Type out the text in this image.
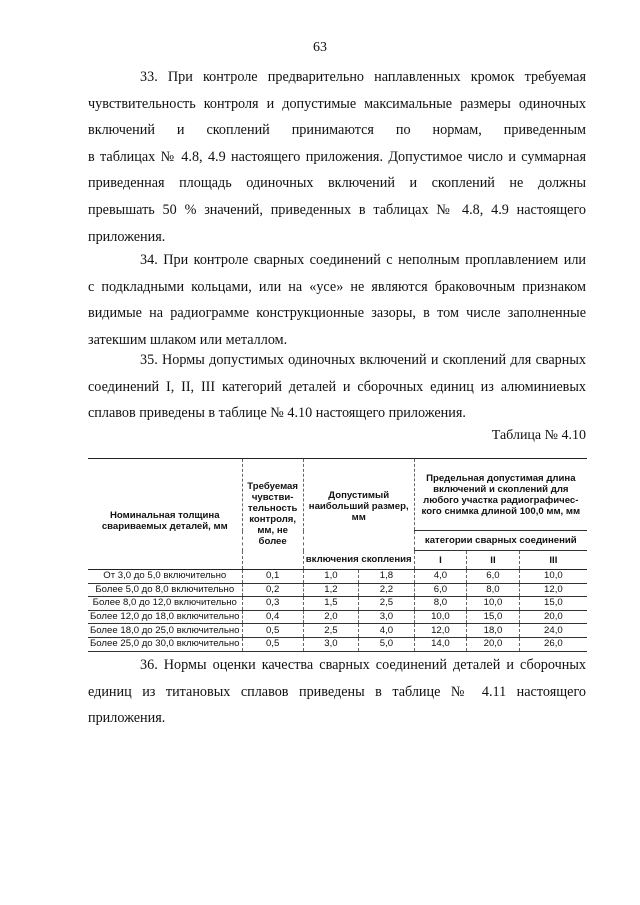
63

33. При контроле предварительно наплавленных кромок требуемая
чувствительность контроля и допустимые максимальные размеры одиночных
включений и скоплений принимаются по нормам, приведенным
в таблицах № 4.8, 4.9 настоящего приложения. Допустимое число и суммарная
приведенная площадь одиночных включений и скоплений не должны
превышать 50 % значений, приведенных в таблицах № 4.8, 4.9 настоящего
приложения.

34. При контроле сварных соединений с неполным проплавлением или
с подкладными кольцами, или на «усе» не являются браковочным признаком
видимые на радиограмме конструкционные зазоры, в том числе заполненные
затекшим шлаком или металлом.

35. Нормы допустимых одиночных включений и скоплений для сварных
соединений I, II, III категорий деталей и сборочных единиц из алюминиевых
сплавов приведены в таблице № 4.10 настоящего приложения.

Таблица № 4.10
Номинальная толщина свариваемых деталей, мм	Требуемая чувстви-тельность контроля, мм, не более	Допустимый наибольший размер, мм		Предельная допустимая длина включений и скоплений для любого участка радиографичес-кого снимка длиной 100,0 мм, мм		
				категории сварных соединений		
		включения скопления		I	II	III
От 3,0 до 5,0 включительно	0,1	1,0	1,8	4,0	6,0	10,0
Более 5,0 до 8,0 включительно	0,2	1,2	2,2	6,0	8,0	12,0
Более 8,0 до 12,0 включительно	0,3	1,5	2,5	8,0	10,0	15,0
Более 12,0 до 18,0 включительно	0,4	2,0	3,0	10,0	15,0	20,0
Более 18,0 до 25,0 включительно	0,5	2,5	4,0	12,0	18,0	24,0
Более 25,0 до 30,0 включительно	0,5	3,0	5,0	14,0	20,0	26,0

36. Нормы оценки качества сварных соединений деталей и сборочных
единиц из титановых сплавов приведены в таблице № 4.11 настоящего
приложения.
